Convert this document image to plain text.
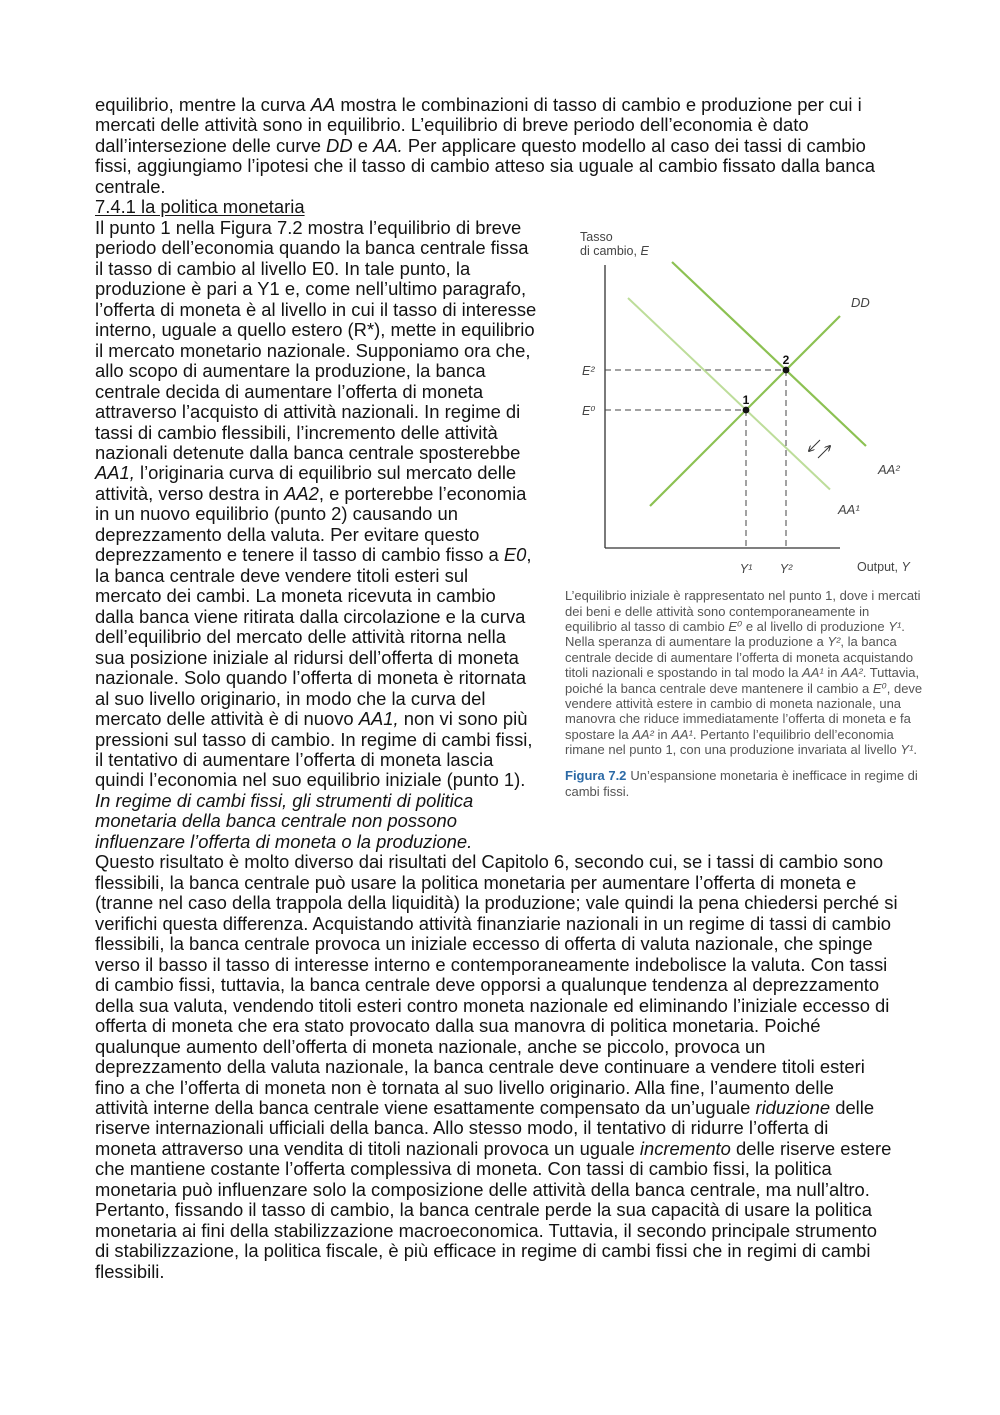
equilibrio, mentre la curva AA mostra le combinazioni di tasso di cambio e produzione per cui i
mercati delle attività sono in equilibrio. L’equilibrio di breve periodo dell’economia è dato
dall’intersezione delle curve DD e AA. Per applicare questo modello al caso dei tassi di cambio
fissi, aggiungiamo l’ipotesi che il tasso di cambio atteso sia uguale al cambio fissato dalla banca
centrale.
7.4.1 la politica monetaria
Il punto 1 nella Figura 7.2 mostra l’equilibrio di breve
periodo dell’economia quando la banca centrale fissa
il tasso di cambio al livello E0. In tale punto, la
produzione è pari a Y1 e, come nell’ultimo paragrafo,
l’offerta di moneta è al livello in cui il tasso di interesse
interno, uguale a quello estero (R*), mette in equilibrio
il mercato monetario nazionale. Supponiamo ora che,
allo scopo di aumentare la produzione, la banca
centrale decida di aumentare l’offerta di moneta
attraverso l’acquisto di attività nazionali. In regime di
tassi di cambio flessibili, l’incremento delle attività
nazionali detenute dalla banca centrale sposterebbe
AA1, l’originaria curva di equilibrio sul mercato delle
attività, verso destra in AA2, e porterebbe l’economia
in un nuovo equilibrio (punto 2) causando un
deprezzamento della valuta. Per evitare questo
deprezzamento e tenere il tasso di cambio fisso a E0,
la banca centrale deve vendere titoli esteri sul
mercato dei cambi. La moneta ricevuta in cambio
dalla banca viene ritirata dalla circolazione e la curva
dell’equilibrio del mercato delle attività ritorna nella
sua posizione iniziale al ridursi dell’offerta di moneta
nazionale. Solo quando l’offerta di moneta è ritornata
al suo livello originario, in modo che la curva del
mercato delle attività è di nuovo AA1, non vi sono più
pressioni sul tasso di cambio. In regime di cambi fissi,
il tentativo di aumentare l’offerta di moneta lascia
quindi l’economia nel suo equilibrio iniziale (punto 1).
In regime di cambi fissi, gli strumenti di politica
monetaria della banca centrale non possono
influenzare l’offerta di moneta o la produzione.
Questo risultato è molto diverso dai risultati del Capitolo 6, secondo cui, se i tassi di cambio sono
flessibili, la banca centrale può usare la politica monetaria per aumentare l’offerta di moneta e
(tranne nel caso della trappola della liquidità) la produzione; vale quindi la pena chiedersi perché si
verifichi questa differenza. Acquistando attività finanziarie nazionali in un regime di tassi di cambio
flessibili, la banca centrale provoca un iniziale eccesso di offerta di valuta nazionale, che spinge
verso il basso il tasso di interesse interno e contemporaneamente indebolisce la valuta. Con tassi
di cambio fissi, tuttavia, la banca centrale deve opporsi a qualunque tendenza al deprezzamento
della sua valuta, vendendo titoli esteri contro moneta nazionale ed eliminando l’iniziale eccesso di
offerta di moneta che era stato provocato dalla sua manovra di politica monetaria. Poiché
qualunque aumento dell’offerta di moneta nazionale, anche se piccolo, provoca un
deprezzamento della valuta nazionale, la banca centrale deve continuare a vendere titoli esteri
fino a che l’offerta di moneta non è tornata al suo livello originario. Alla fine, l’aumento delle
attività interne della banca centrale viene esattamente compensato da un’uguale riduzione delle
riserve internazionali ufficiali della banca. Allo stesso modo, il tentativo di ridurre l’offerta di
moneta attraverso una vendita di titoli nazionali provoca un uguale incremento delle riserve estere
che mantiene costante l’offerta complessiva di moneta. Con tassi di cambio fissi, la politica
monetaria può influenzare solo la composizione delle attività della banca centrale, ma null’altro.
Pertanto, fissando il tasso di cambio, la banca centrale perde la sua capacità di usare la politica
monetaria ai fini della stabilizzazione macroeconomica. Tuttavia, il secondo principale strumento
di stabilizzazione, la politica fiscale, è più efficace in regime di cambi fissi che in regimi di cambi
flessibili.
Tasso
di cambio, E
1
2
E²
E⁰
Y¹ Y²	Output, Y
DD
AA²
AA¹
L’equilibrio iniziale è rappresentato nel punto 1, dove i mercati
dei beni e delle attività sono contemporaneamente in
equilibrio al tasso di cambio E⁰ e al livello di produzione Y¹.
Nella speranza di aumentare la produzione a Y², la banca
centrale decide di aumentare l’offerta di moneta acquistando
titoli nazionali e spostando in tal modo la AA¹ in AA². Tuttavia,
poiché la banca centrale deve mantenere il cambio a E⁰, deve
vendere attività estere in cambio di moneta nazionale, una
manovra che riduce immediatamente l’offerta di moneta e fa
spostare la AA² in AA¹. Pertanto l’equilibrio dell’economia
rimane nel punto 1, con una produzione invariata al livello Y¹.
Figura 7.2 Un’espansione monetaria è inefficace in regime di
cambi fissi.
